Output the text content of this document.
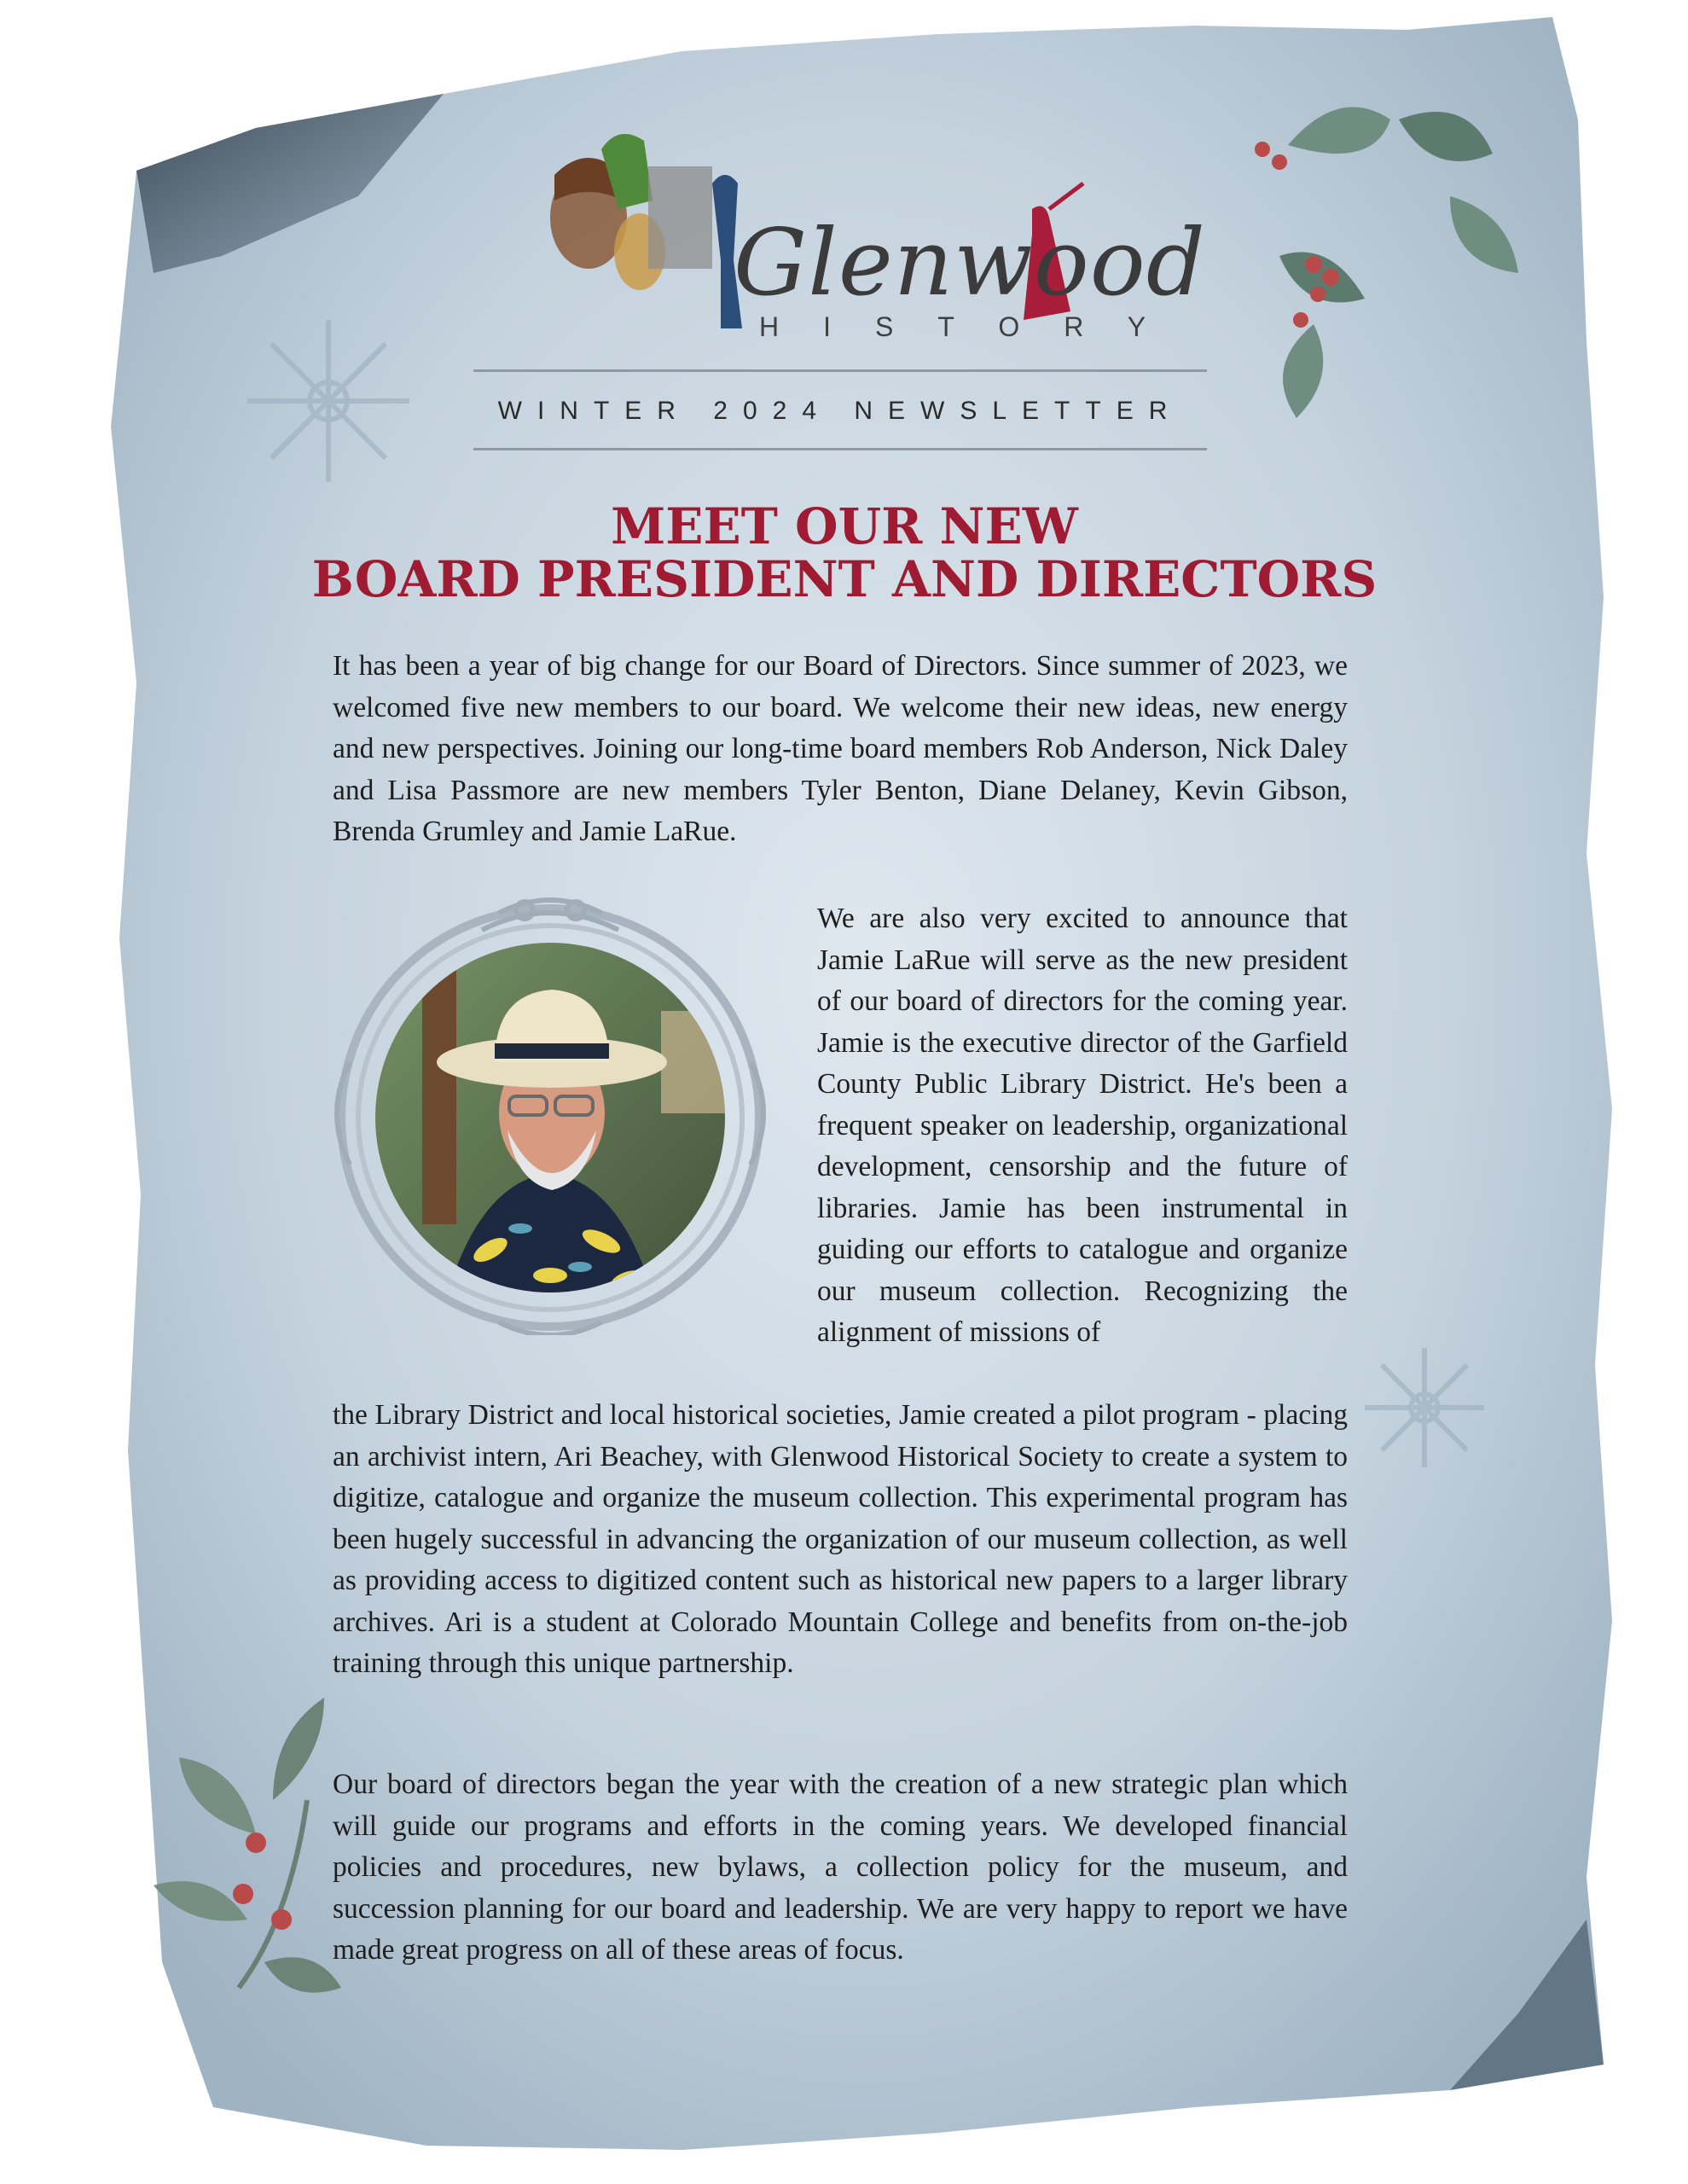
Glenwood
HISTORY
WINTER 2024 NEWSLETTER
MEET OUR NEW
BOARD PRESIDENT AND DIRECTORS

It has been a year of big change for our Board of Directors. Since summer of 2023, we welcomed five new members to our board. We welcome their new ideas, new energy and new perspectives. Joining our long-time board members Rob Anderson, Nick Daley and Lisa Passmore are new members Tyler Benton, Diane Delaney, Kevin Gibson, Brenda Grumley and Jamie LaRue.

We are also very excited to announce that Jamie LaRue will serve as the new president of our board of directors for the coming year. Jamie is the executive director of the Garfield County Public Library District. He's been a frequent speaker on leadership, organizational development, censorship and the future of libraries. Jamie has been instrumental in guiding our efforts to catalogue and organize our museum collection. Recognizing the alignment of missions of

the Library District and local historical societies, Jamie created a pilot program - placing an archivist intern, Ari Beachey, with Glenwood Historical Society to create a system to digitize, catalogue and organize the museum collection. This experimental program has been hugely successful in advancing the organization of our museum collection, as well as providing access to digitized content such as historical new papers to a larger library archives. Ari is a student at Colorado Mountain College and benefits from on-the-job training through this unique partnership.

Our board of directors began the year with the creation of a new strategic plan which will guide our programs and efforts in the coming years. We developed financial policies and procedures, new bylaws, a collection policy for the museum, and succession planning for our board and leadership. We are very happy to report we have made great progress on all of these areas of focus.
